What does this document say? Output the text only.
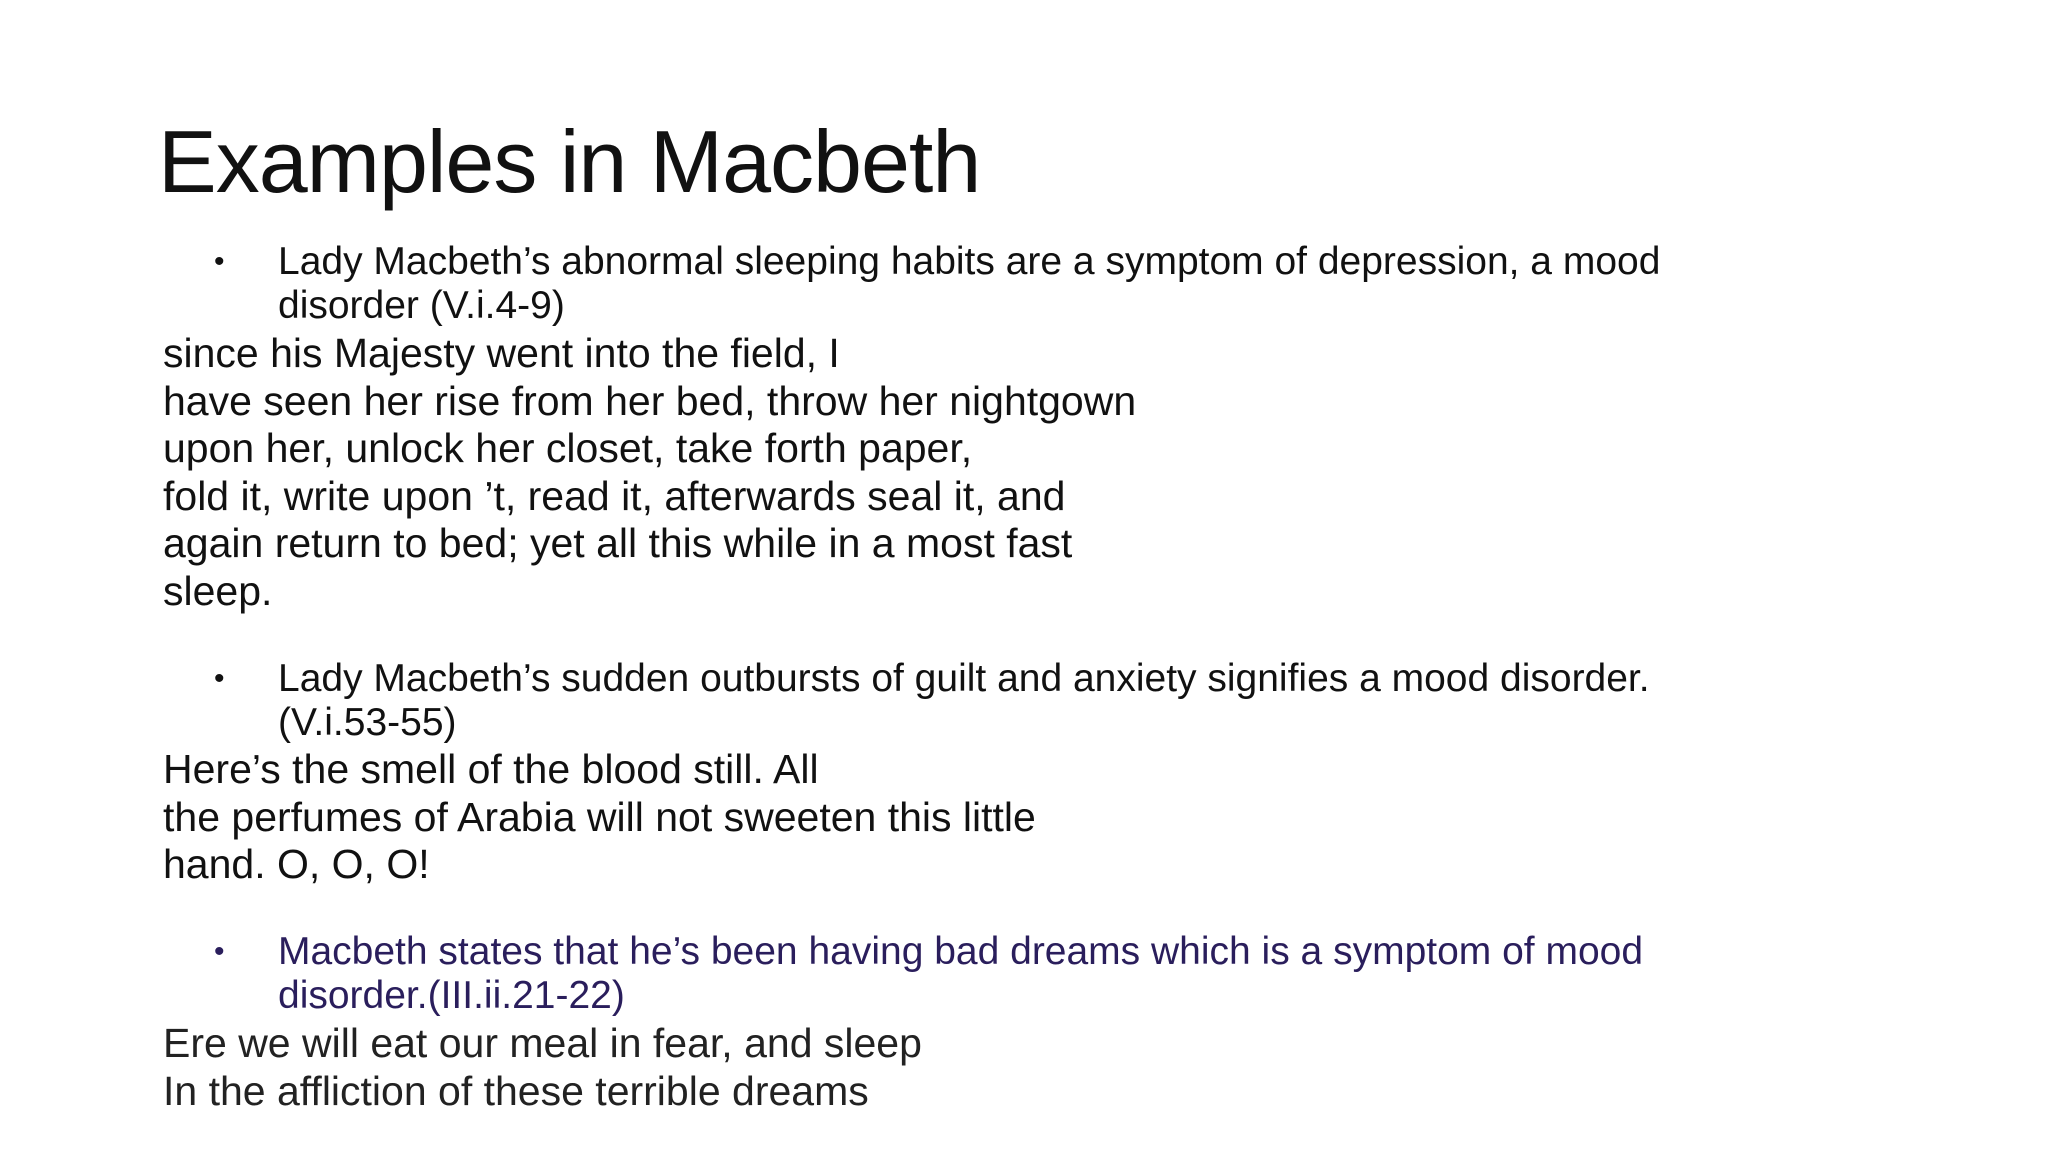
Examples in Macbeth
•	Lady Macbeth’s abnormal sleeping habits are a symptom of depression, a mood disorder (V.i.4-9)
since his Majesty went into the field, I
have seen her rise from her bed, throw her nightgown
upon her, unlock her closet, take forth paper,
fold it, write upon ’t, read it, afterwards seal it, and
again return to bed; yet all this while in a most fast
sleep.
•	Lady Macbeth’s sudden outbursts of guilt and anxiety signifies a mood disorder.(V.i.53-55)
Here’s the smell of the blood still. All
the perfumes of Arabia will not sweeten this little
hand. O, O, O!
•	Macbeth states that he’s been having bad dreams which is a symptom of mood disorder.(III.ii.21-22)
Ere we will eat our meal in fear, and sleep
In the affliction of these terrible dreams
